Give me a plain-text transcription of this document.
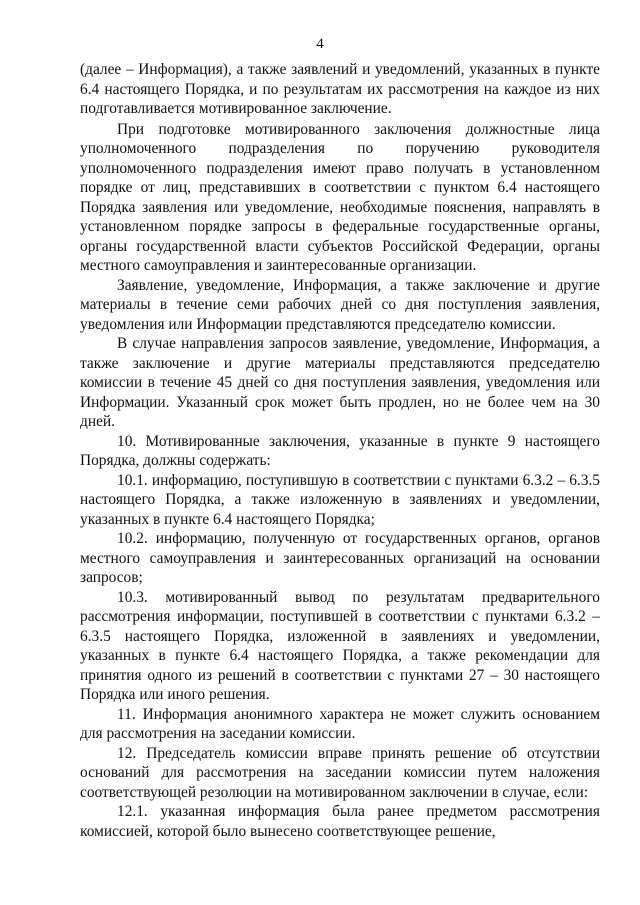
4

(далее – Информация), а также заявлений и уведомлений, указанных в пункте 6.4 настоящего Порядка, и по результатам их рассмотрения на каждое из них подготавливается мотивированное заключение.

При подготовке мотивированного заключения должностные лица уполномоченного подразделения по поручению руководителя уполномоченного подразделения имеют право получать в установленном порядке от лиц, представивших в соответствии с пунктом 6.4 настоящего Порядка заявления или уведомление, необходимые пояснения, направлять в установленном порядке запросы в федеральные государственные органы, органы государственной власти субъектов Российской Федерации, органы местного самоуправления и заинтересованные организации.

Заявление, уведомление, Информация, а также заключение и другие материалы в течение семи рабочих дней со дня поступления заявления, уведомления или Информации представляются председателю комиссии.

В случае направления запросов заявление, уведомление, Информация, а также заключение и другие материалы представляются председателю комиссии в течение 45 дней со дня поступления заявления, уведомления или Информации. Указанный срок может быть продлен, но не более чем на 30 дней.

10. Мотивированные заключения, указанные в пункте 9 настоящего Порядка, должны содержать:

10.1. информацию, поступившую в соответствии с пунктами 6.3.2 – 6.3.5 настоящего Порядка, а также изложенную в заявлениях и уведомлении, указанных в пункте 6.4 настоящего Порядка;

10.2. информацию, полученную от государственных органов, органов местного самоуправления и заинтересованных организаций на основании запросов;

10.3. мотивированный вывод по результатам предварительного рассмотрения информации, поступившей в соответствии с пунктами 6.3.2 – 6.3.5 настоящего Порядка, изложенной в заявлениях и уведомлении, указанных в пункте 6.4 настоящего Порядка, а также рекомендации для принятия одного из решений в соответствии с пунктами 27 – 30 настоящего Порядка или иного решения.

11. Информация анонимного характера не может служить основанием для рассмотрения на заседании комиссии.

12. Председатель комиссии вправе принять решение об отсутствии оснований для рассмотрения на заседании комиссии путем наложения соответствующей резолюции на мотивированном заключении в случае, если:

12.1. указанная информация была ранее предметом рассмотрения комиссией, которой было вынесено соответствующее решение,
